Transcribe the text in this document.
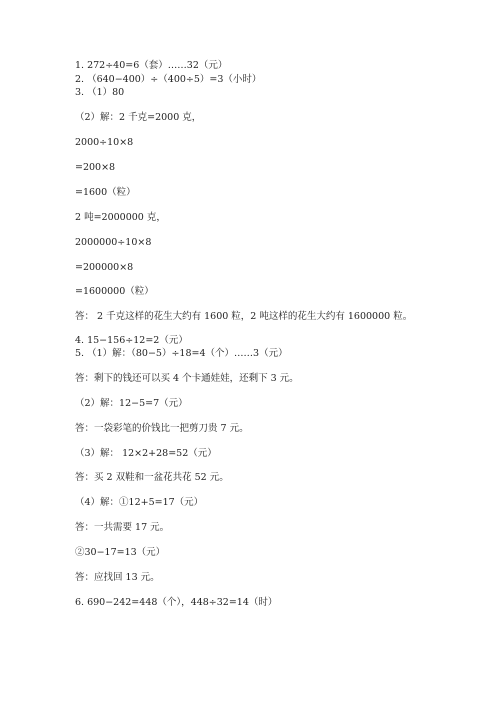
1. 272÷40=6（套）……32（元）
2. （640−400）÷（400÷5）=3（小时）
3. （1）80
（2）解：2 千克=2000 克，
2000÷10×8
=200×8
=1600（粒）
2 吨=2000000 克，
2000000÷10×8
=200000×8
=1600000（粒）
答： 2 千克这样的花生大约有 1600 粒，2 吨这样的花生大约有 1600000 粒。
4. 15−156÷12=2（元）
5. （1）解：（80−5）÷18=4（个）……3（元）
答：剩下的钱还可以买 4 个卡通娃娃，还剩下 3 元。
（2）解：12−5=7（元）
答：一袋彩笔的价钱比一把剪刀贵 7 元。
（3）解： 12×2+28=52（元）
答：买 2 双鞋和一盆花共花 52 元。
（4）解：①12+5=17（元）
答：一共需要 17 元。
②30−17=13（元）
答：应找回 13 元。
6. 690−242=448（个），448÷32=14（时）
